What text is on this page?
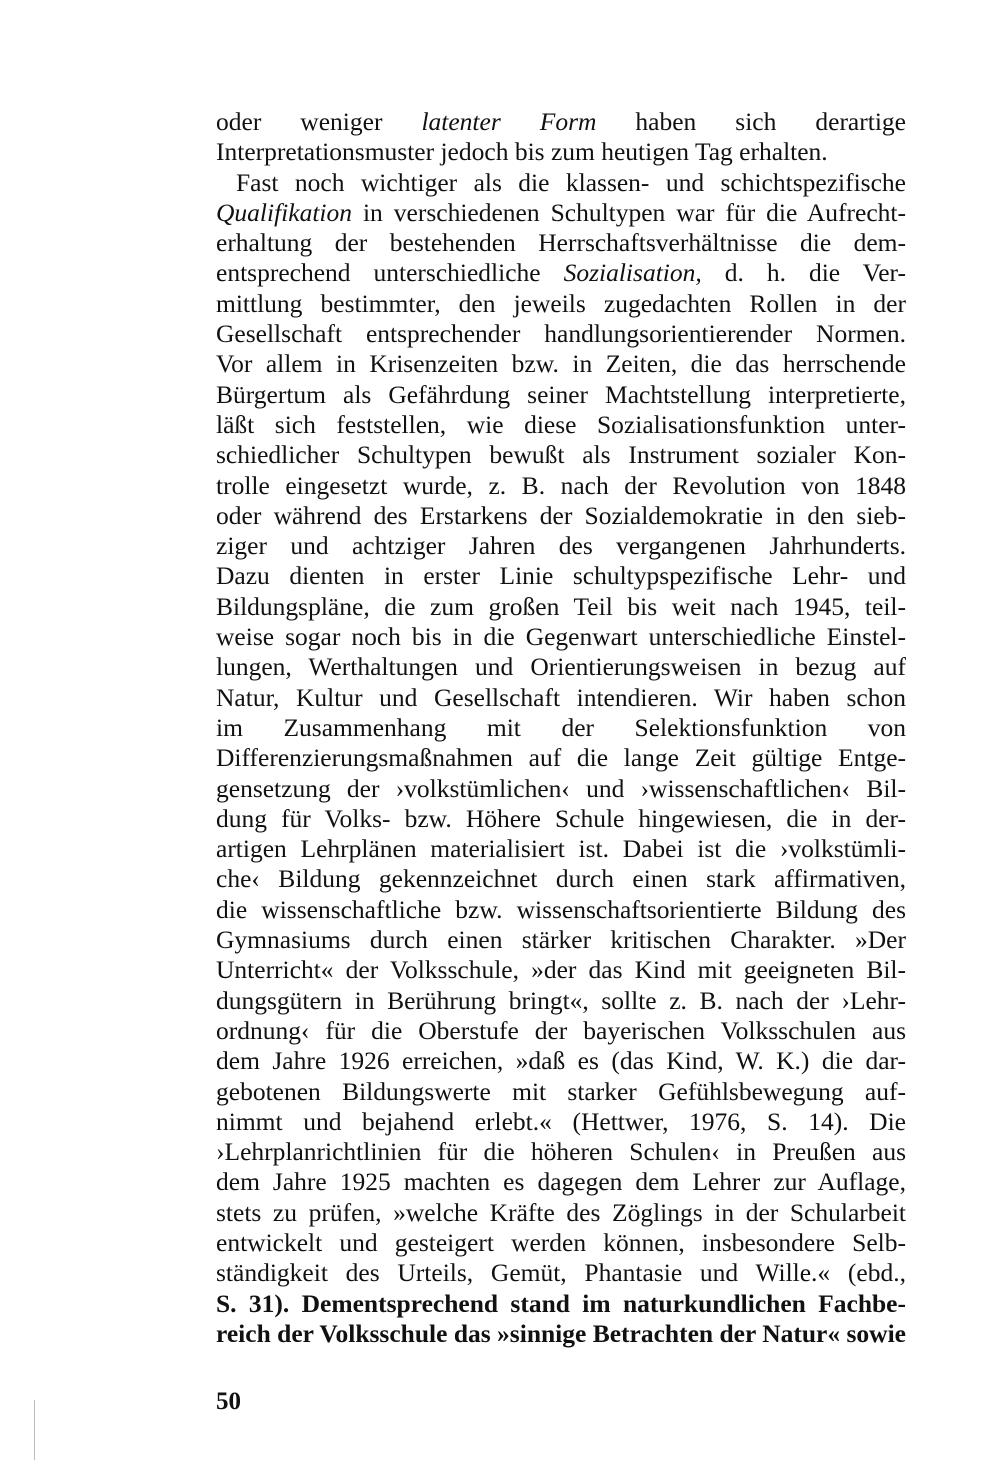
oder weniger latenter Form haben sich derartige
Interpretationsmuster jedoch bis zum heutigen Tag erhalten.
Fast noch wichtiger als die klassen- und schichtspezifische
Qualifikation in verschiedenen Schultypen war für die Aufrecht-
erhaltung der bestehenden Herrschaftsverhältnisse die dem-
entsprechend unterschiedliche Sozialisation, d. h. die Ver-
mittlung bestimmter, den jeweils zugedachten Rollen in der
Gesellschaft entsprechender handlungsorientierender Normen.
Vor allem in Krisenzeiten bzw. in Zeiten, die das herrschende
Bürgertum als Gefährdung seiner Machtstellung interpretierte,
läßt sich feststellen, wie diese Sozialisationsfunktion unter-
schiedlicher Schultypen bewußt als Instrument sozialer Kon-
trolle eingesetzt wurde, z. B. nach der Revolution von 1848
oder während des Erstarkens der Sozialdemokratie in den sieb-
ziger und achtziger Jahren des vergangenen Jahrhunderts.
Dazu dienten in erster Linie schultypspezifische Lehr- und
Bildungspläne, die zum großen Teil bis weit nach 1945, teil-
weise sogar noch bis in die Gegenwart unterschiedliche Einstel-
lungen, Werthaltungen und Orientierungsweisen in bezug auf
Natur, Kultur und Gesellschaft intendieren. Wir haben schon
im Zusammenhang mit der Selektionsfunktion von
Differenzierungsmaßnahmen auf die lange Zeit gültige Entge-
gensetzung der ›volkstümlichen‹ und ›wissenschaftlichen‹ Bil-
dung für Volks- bzw. Höhere Schule hingewiesen, die in der-
artigen Lehrplänen materialisiert ist. Dabei ist die ›volkstümli-
che‹ Bildung gekennzeichnet durch einen stark affirmativen,
die wissenschaftliche bzw. wissenschaftsorientierte Bildung des
Gymnasiums durch einen stärker kritischen Charakter. »Der
Unterricht« der Volksschule, »der das Kind mit geeigneten Bil-
dungsgütern in Berührung bringt«, sollte z. B. nach der ›Lehr-
ordnung‹ für die Oberstufe der bayerischen Volksschulen aus
dem Jahre 1926 erreichen, »daß es (das Kind, W. K.) die dar-
gebotenen Bildungswerte mit starker Gefühlsbewegung auf-
nimmt und bejahend erlebt.« (Hettwer, 1976, S. 14). Die
›Lehrplanrichtlinien für die höheren Schulen‹ in Preußen aus
dem Jahre 1925 machten es dagegen dem Lehrer zur Auflage,
stets zu prüfen, »welche Kräfte des Zöglings in der Schularbeit
entwickelt und gesteigert werden können, insbesondere Selb-
ständigkeit des Urteils, Gemüt, Phantasie und Wille.« (ebd.,
S. 31). Dementsprechend stand im naturkundlichen Fachbe-
reich der Volksschule das »sinnige Betrachten der Natur« sowie
50
